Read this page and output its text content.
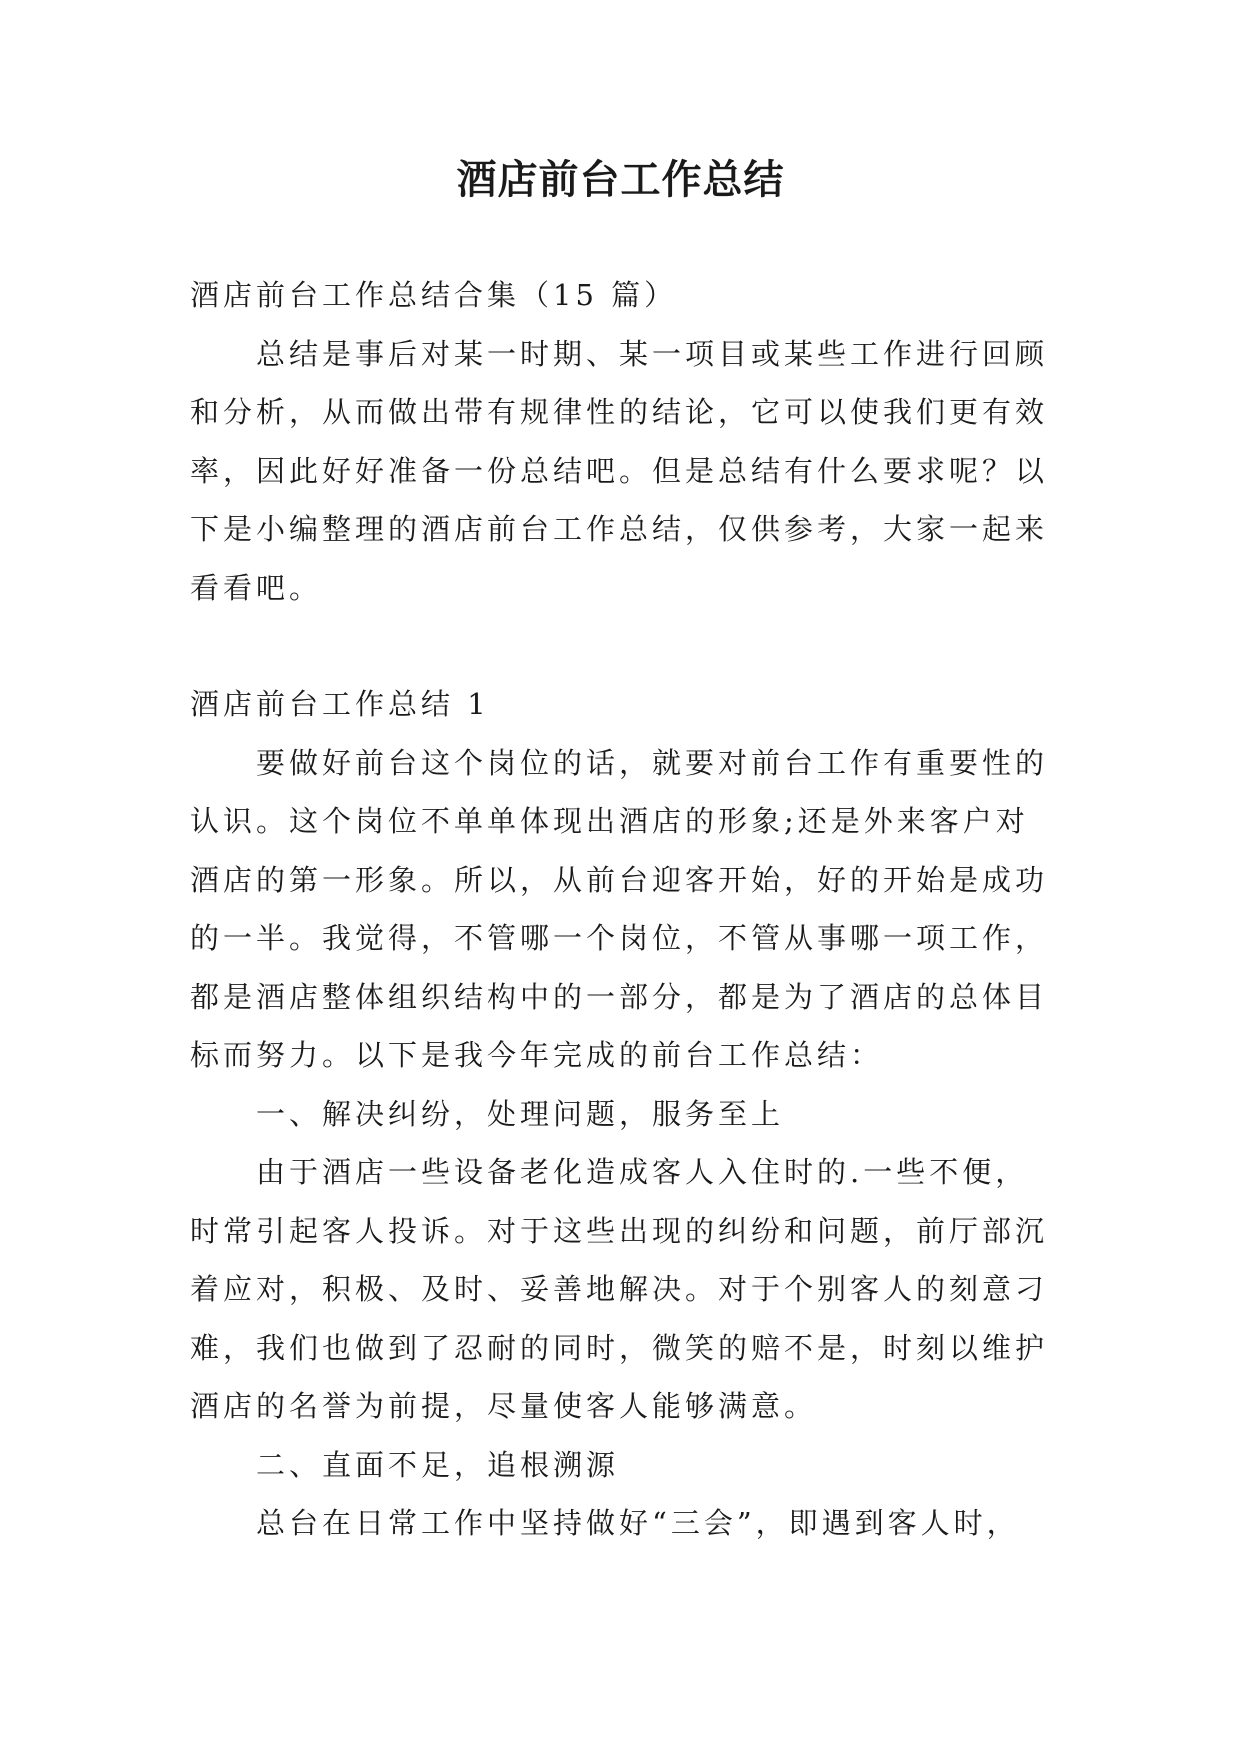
酒店前台工作总结

酒店前台工作总结合集（15 篇）

总结是事后对某一时期、某一项目或某些工作进行回顾和分析，从而做出带有规律性的结论，它可以使我们更有效率，因此好好准备一份总结吧。但是总结有什么要求呢？以下是小编整理的酒店前台工作总结，仅供参考，大家一起来看看吧。

酒店前台工作总结 1

要做好前台这个岗位的话，就要对前台工作有重要性的认识。这个岗位不单单体现出酒店的形象;还是外来客户对酒店的第一形象。所以，从前台迎客开始，好的开始是成功的一半。我觉得，不管哪一个岗位，不管从事哪一项工作，都是酒店整体组织结构中的一部分，都是为了酒店的总体目标而努力。以下是我今年完成的前台工作总结：

一、解决纠纷，处理问题，服务至上

由于酒店一些设备老化造成客人入住时的.一些不便，时常引起客人投诉。对于这些出现的纠纷和问题，前厅部沉着应对，积极、及时、妥善地解决。对于个别客人的刻意刁难，我们也做到了忍耐的同时，微笑的赔不是，时刻以维护酒店的名誉为前提，尽量使客人能够满意。

二、直面不足，追根溯源

总台在日常工作中坚持做好“三会”，即遇到客人时，
